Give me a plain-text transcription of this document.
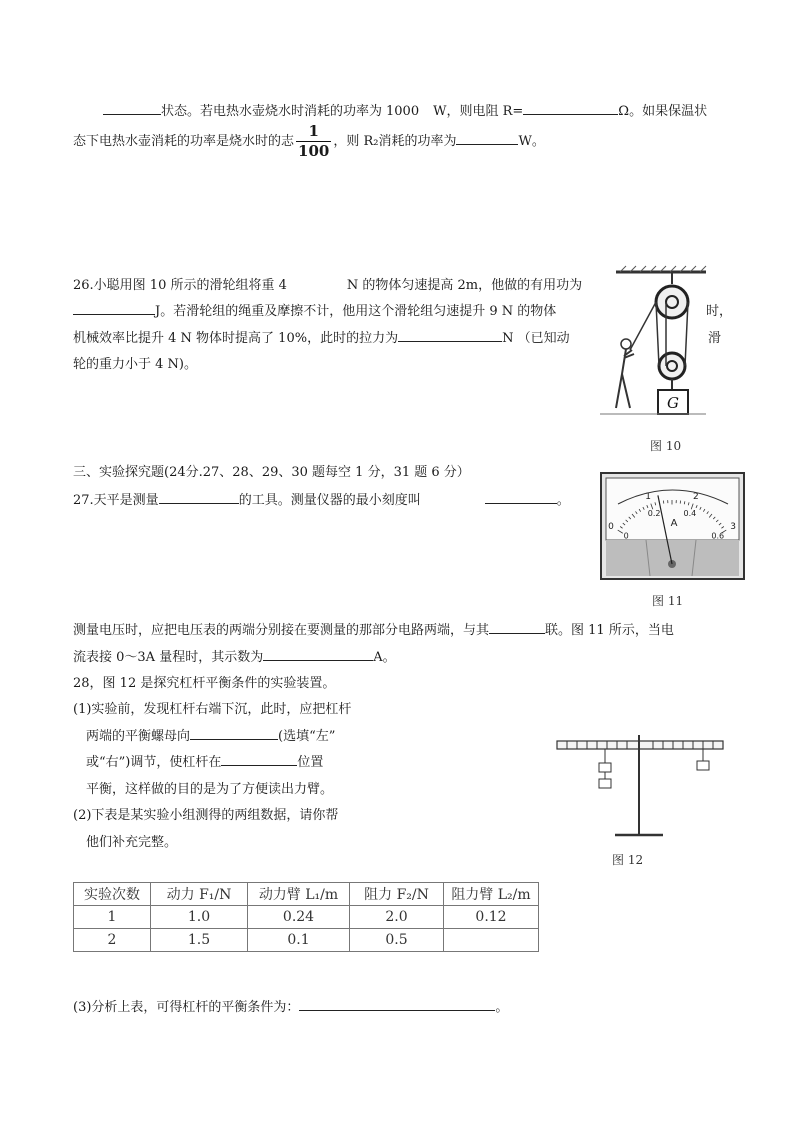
状态。若电热水壶烧水时消耗的功率为 1000 W，则电阻 R=	Ω。如果保温状
态下电热水壶消耗的功率是烧水时的志 $\frac{1}{100}$ ，则 R₂消耗的功率为	W。
26.小聪用图 10 所示的滑轮组将重 4	N 的物体匀速提高 2m，他做的有用功为
J。若滑轮组的绳重及摩擦不计，他用这个滑轮组匀速提升 9 N 的物体	时，
机械效率比提升 4 N 物体时提高了 10%，此时的拉力为	N （已知动	滑
轮的重力小于 4 N)。
G
图 10
三、实验探究题(24分.27、28、29、30 题每空 1 分，31 题 6 分）
27.天平是测量	的工具。测量仪器的最小刻度叫	。
0
1	2
3
0
0.2	0.4
0.6
A
图 11
测量电压时，应把电压表的两端分别接在要测量的那部分电路两端，与其	联。图 11 所示，当电
流表接 0～3A 量程时，其示数为	A。
28，图 12 是探究杠杆平衡条件的实验装置。
(1)实验前，发现杠杆右端下沉，此时，应把杠杆
两端的平衡螺母向	(选填“左”
或“右”)调节，使杠杆在	位置
平衡，这样做的目的是为了方便读出力臂。
(2)下表是某实验小组测得的两组数据，请你帮
他们补充完整。
图 12
实验次数	动力 F₁/N	动力臂 L₁/m	阻力 F₂/N	阻力臂 L₂/m
1	1.0	0.24	2.0	0.12
2	1.5	0.1	0.5	
(3)分析上表，可得杠杆的平衡条件为：	。
